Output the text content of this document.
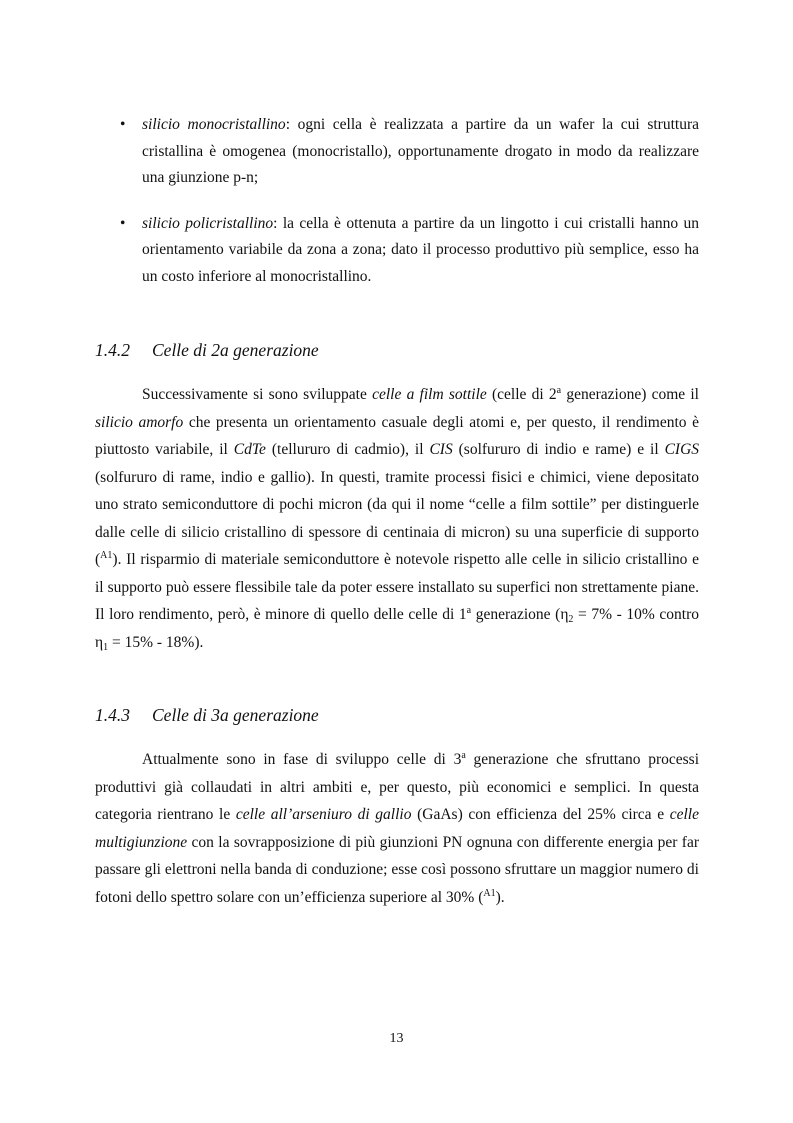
• silicio monocristallino: ogni cella è realizzata a partire da un wafer la cui struttura cristallina è omogenea (monocristallo), opportunamente drogato in modo da realizzare una giunzione p-n;
• silicio policristallino: la cella è ottenuta a partire da un lingotto i cui cristalli hanno un orientamento variabile da zona a zona; dato il processo produttivo più semplice, esso ha un costo inferiore al monocristallino.
1.4.2 Celle di 2a generazione

Successivamente si sono sviluppate celle a film sottile (celle di 2$^a$ generazione) come il silicio amorfo che presenta un orientamento casuale degli atomi e, per questo, il rendimento è piuttosto variabile, il CdTe (tellururo di cadmio), il CIS (solfururo di indio e rame) e il CIGS (solfururo di rame, indio e gallio). In questi, tramite processi fisici e chimici, viene depositato uno strato semiconduttore di pochi micron (da qui il nome “celle a film sottile” per distinguerle dalle celle di silicio cristallino di spessore di centinaia di micron) su una superficie di supporto ($^{A1}$). Il risparmio di materiale semiconduttore è notevole rispetto alle celle in silicio cristallino e il supporto può essere flessibile tale da poter essere installato su superfici non strettamente piane. Il loro rendimento, però, è minore di quello delle celle di 1$^a$ generazione ($\eta_2 = 7\% - 10\%$ contro $\eta_1 = 15\% - 18\%$).

1.4.3 Celle di 3a generazione

Attualmente sono in fase di sviluppo celle di 3$^a$ generazione che sfruttano processi produttivi già collaudati in altri ambiti e, per questo, più economici e semplici. In questa categoria rientrano le celle all’arseniuro di gallio (GaAs) con efficienza del 25% circa e celle multigiunzione con la sovrapposizione di più giunzioni PN ognuna con differente energia per far passare gli elettroni nella banda di conduzione; esse così possono sfruttare un maggior numero di fotoni dello spettro solare con un’efficienza superiore al 30% ($^{A1}$).

13
